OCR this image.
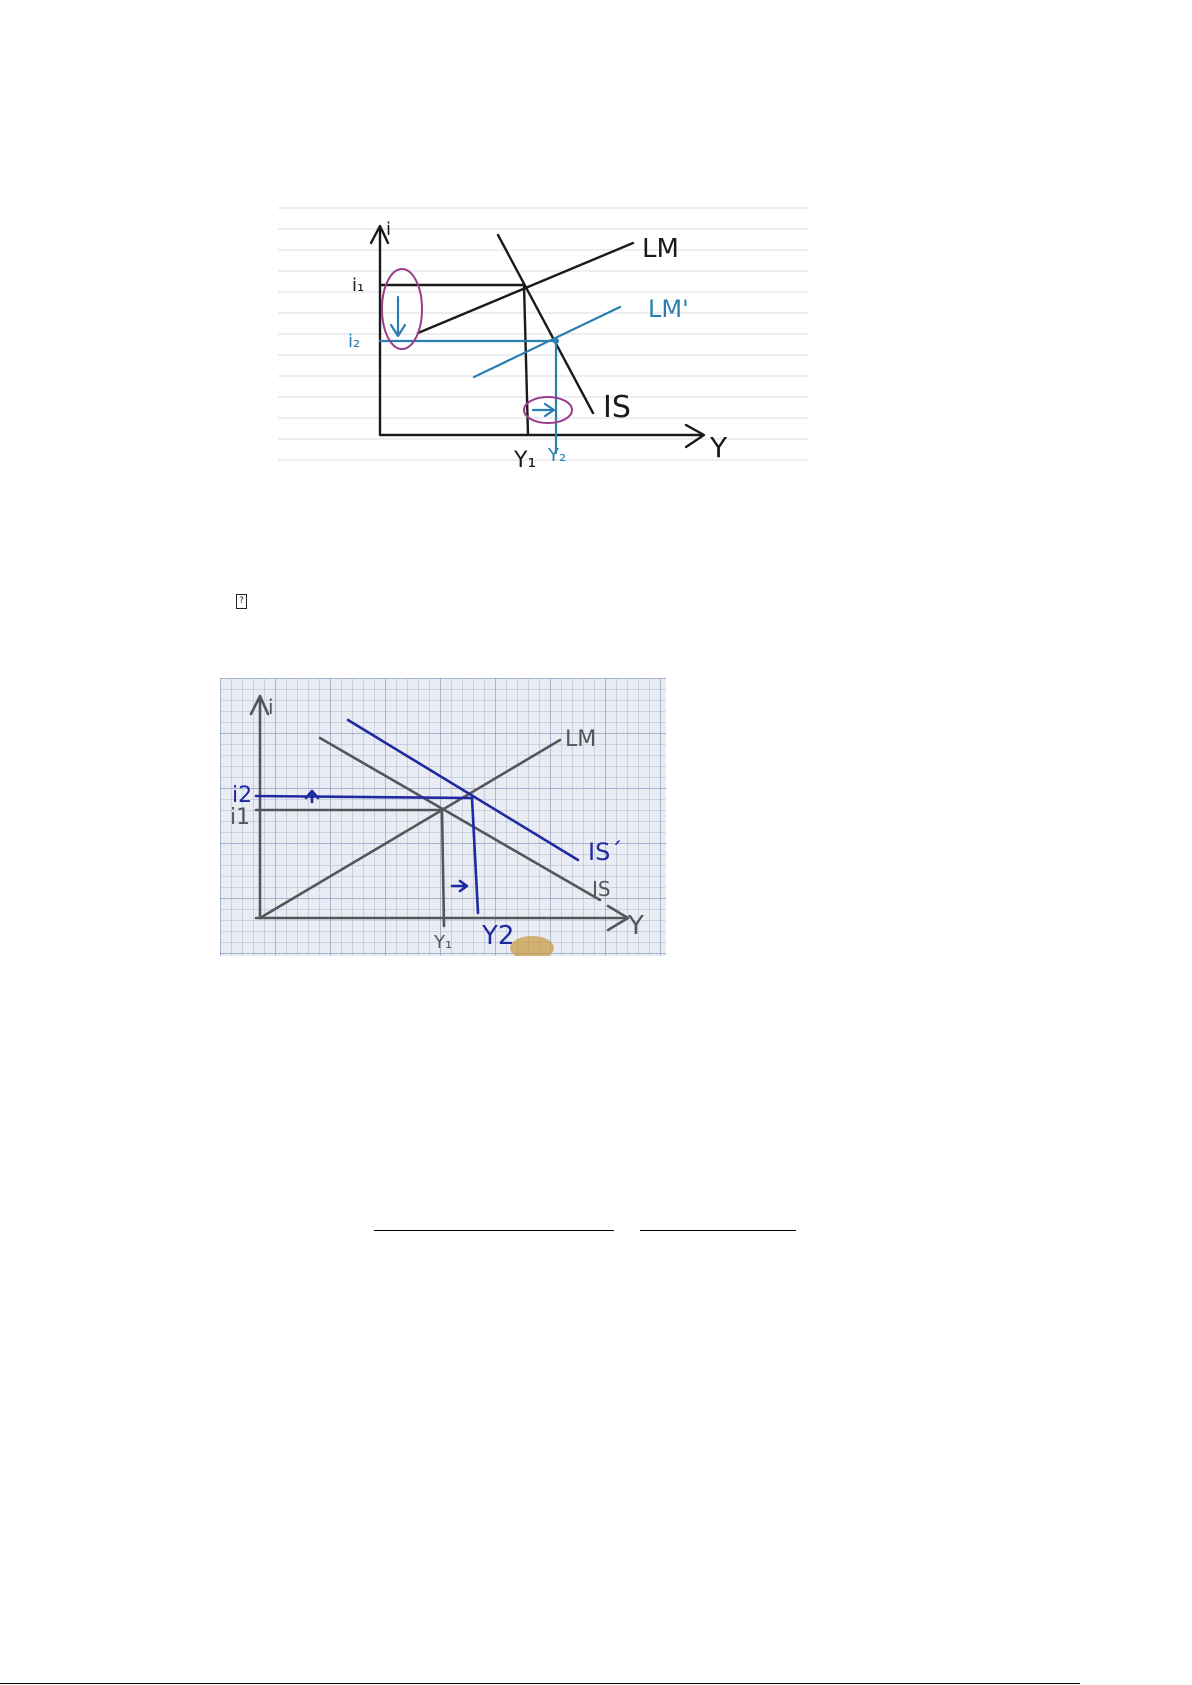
i
Y
LM
LM'
IS
i₁
i₂
Y₁ Y₂
?
i
Y
LM
IS´
IS
i2
i1
Y₁ Y2
